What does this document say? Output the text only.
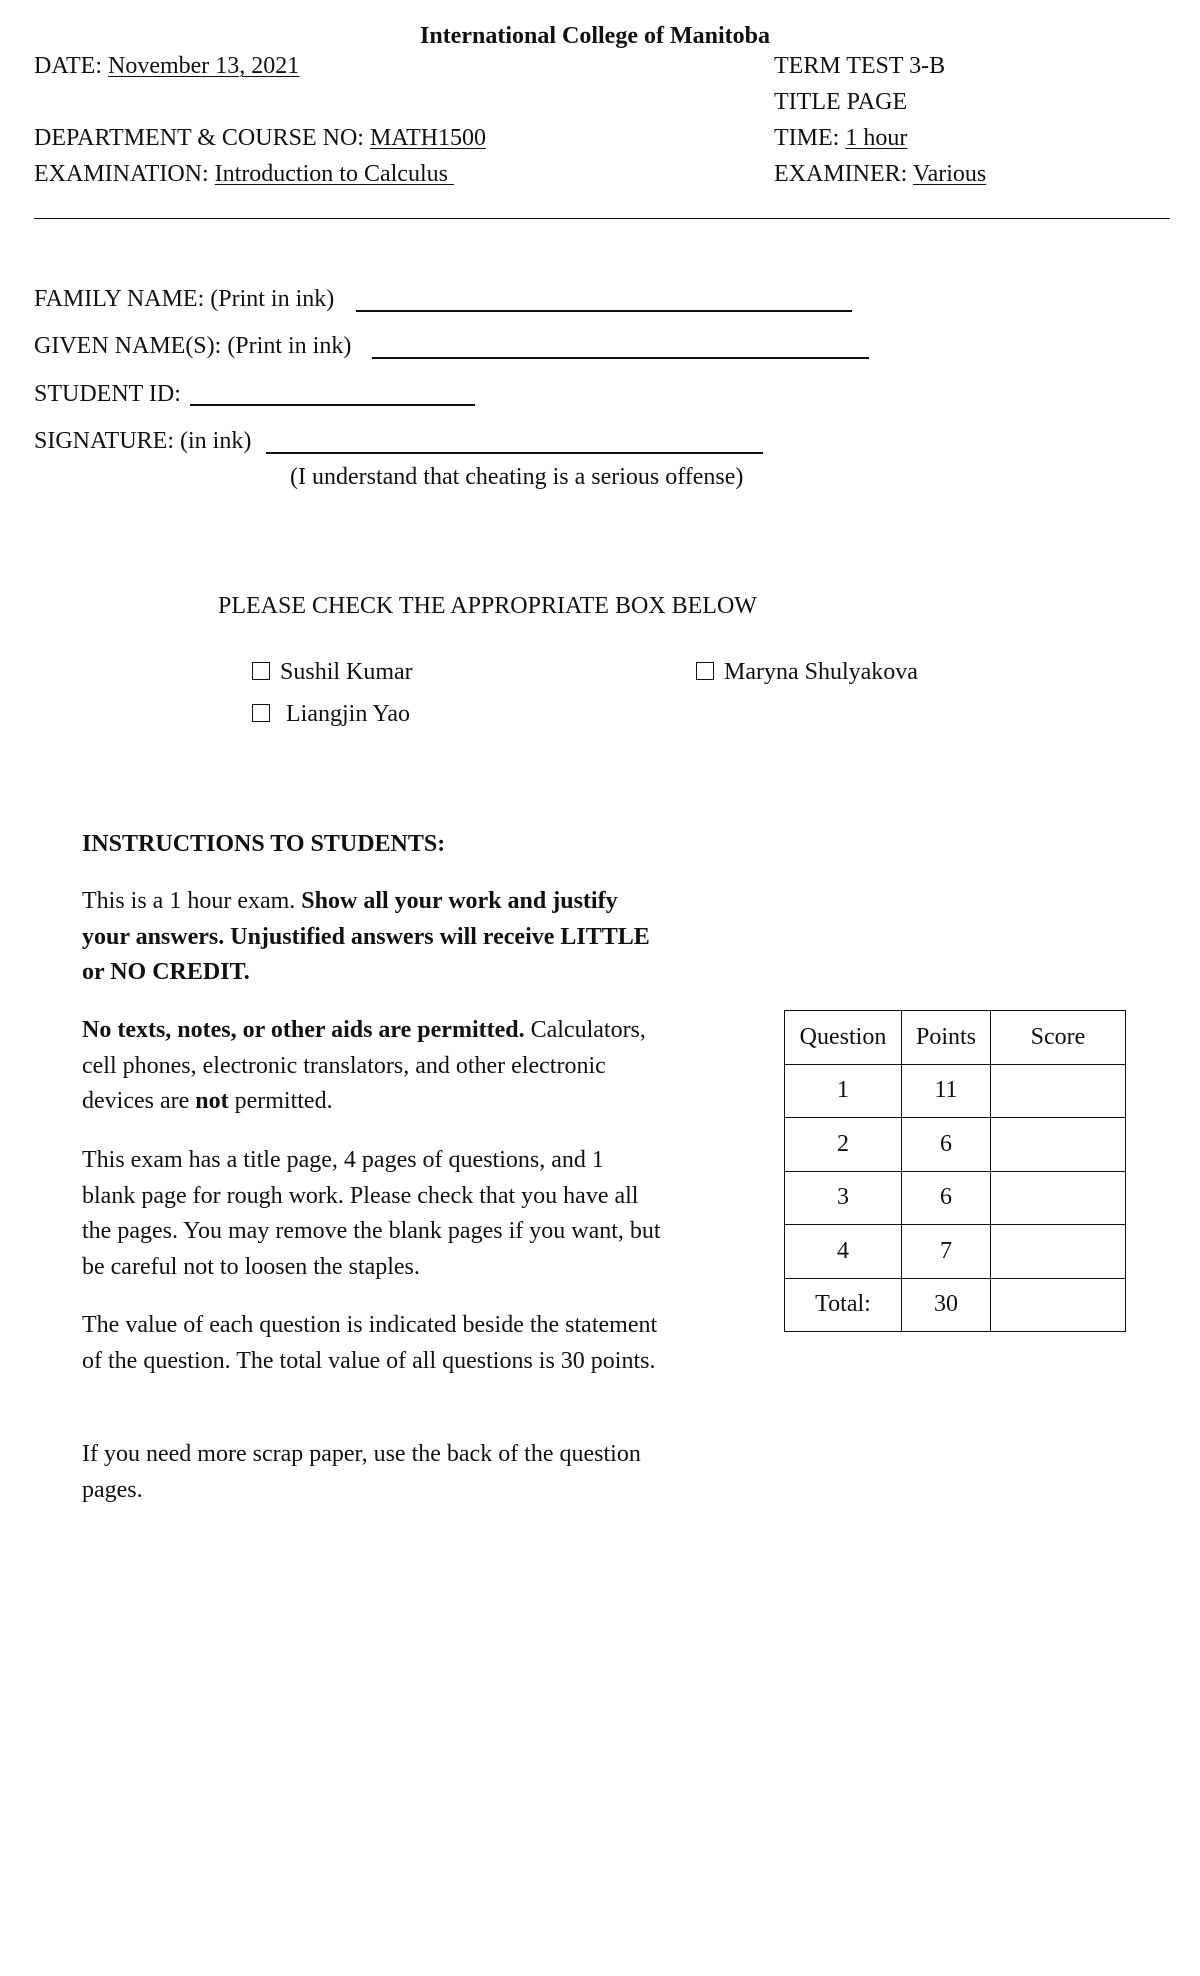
International College of Manitoba
DATE: November 13, 2021	TERM TEST 3-B
TITLE PAGE
DEPARTMENT & COURSE NO: MATH1500	TIME: 1 hour
EXAMINATION: Introduction to Calculus	EXAMINER: Various
FAMILY NAME: (Print in ink)
GIVEN NAME(S): (Print in ink)
STUDENT ID:
SIGNATURE: (in ink)
(I understand that cheating is a serious offense)
PLEASE CHECK THE APPROPRIATE BOX BELOW
Sushil Kumar	Maryna Shulyakova
Liangjin Yao
INSTRUCTIONS TO STUDENTS:
This is a 1 hour exam. Show all your work and justify your answers. Unjustified answers will receive LITTLE or NO CREDIT.
No texts, notes, or other aids are permitted. Calculators, cell phones, electronic translators, and other electronic devices are not permitted.
This exam has a title page, 4 pages of questions, and 1 blank page for rough work. Please check that you have all the pages. You may remove the blank pages if you want, but be careful not to loosen the staples.
The value of each question is indicated beside the statement of the question. The total value of all questions is 30 points.
If you need more scrap paper, use the back of the question pages.
Question	Points	Score
1	11	
2	6	
3	6	
4	7	
Total:	30	
